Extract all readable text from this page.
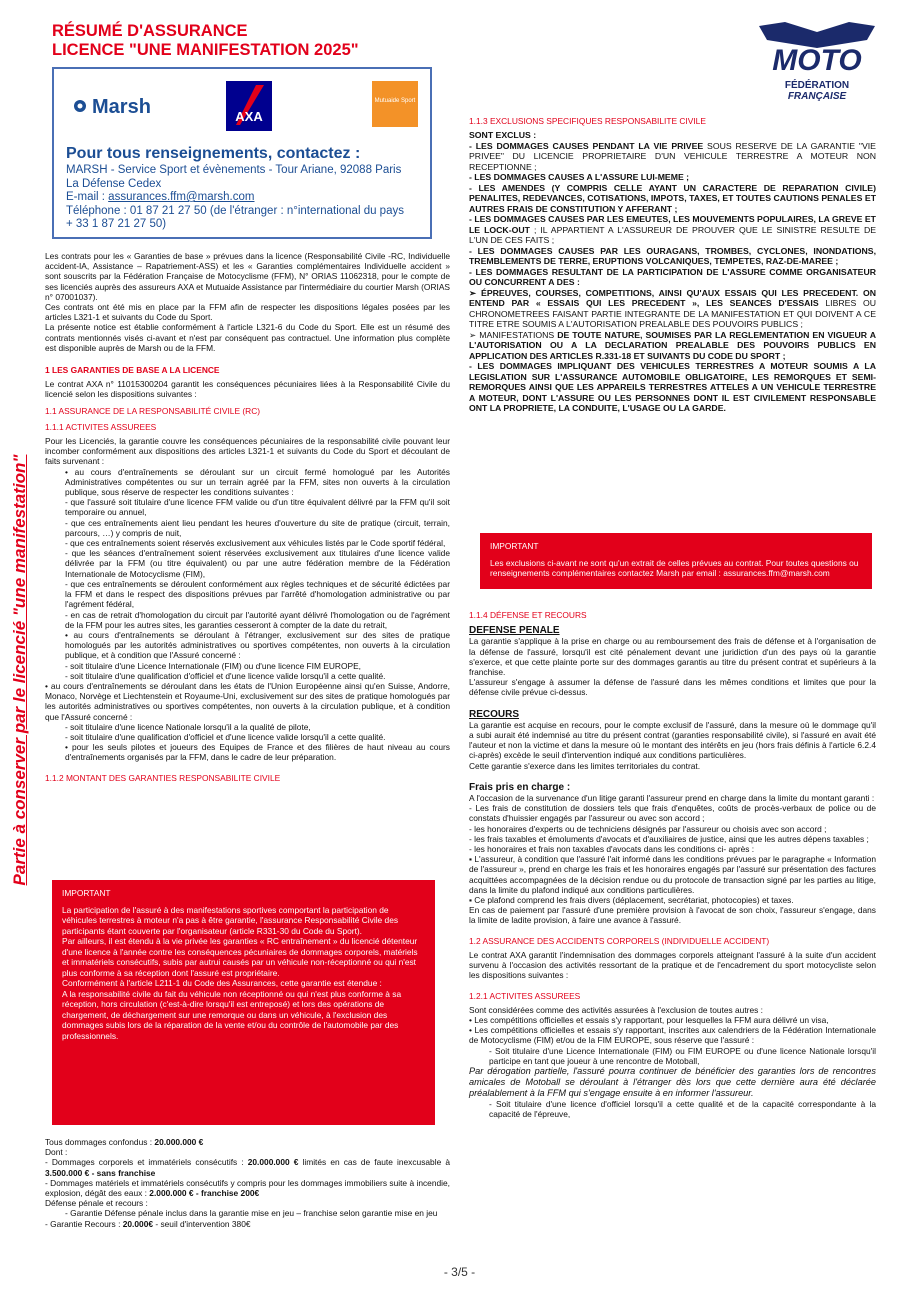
RÉSUMÉ D'ASSURANCE
LICENCE "UNE MANIFESTATION 2025"	MOTO
FÉDÉRATION
FRANÇAISE
Partie à conserver par le licencié "une manifestation"
Marsh	AXA
Mutuaide Sport
Pour tous renseignements, contactez :
MARSH - Service Sport et évènements - Tour Ariane, 92088 Paris
La Défense Cedex
E-mail : assurances.ffm@marsh.com
Téléphone : 01 87 21 27 50 (de l'étranger : n°international du pays
+ 33 1 87 21 27 50)

Les contrats pour les « Garanties de base » prévues dans la licence (Responsabilité Civile -RC, Individuelle accident-IA, Assistance – Rapatriement-ASS) et les « Garanties complémentaires Individuelle accident » sont souscrits par la Fédération Française de Motocyclisme (FFM), N° ORIAS 11062318, pour le compte de ses licenciés auprès des assureurs AXA et Mutuaide Assistance par l'intermédiaire du courtier Marsh (ORIAS n° 07001037).

Ces contrats ont été mis en place par la FFM afin de respecter les dispositions légales posées par les articles L321-1 et suivants du Code du Sport.

La présente notice est établie conformément à l'article L321-6 du Code du Sport. Elle est un résumé des contrats mentionnés visés ci-avant et n'est par conséquent pas contractuel. Une information plus complète est disponible auprès de Marsh ou de la FFM.

1 LES GARANTIES DE BASE A LA LICENCE

Le contrat AXA n° 11015300204 garantit les conséquences pécuniaires liées à la Responsabilité Civile du licencié selon les dispositions suivantes :

1.1 ASSURANCE DE LA RESPONSABILITÉ CIVILE (RC)
1.1.1 ACTIVITES ASSUREES

Pour les Licenciés, la garantie couvre les conséquences pécuniaires de la responsabilité civile pouvant leur incomber conformément aux dispositions des articles L321-1 et suivants du Code du Sport et découlant de faits survenant :

• au cours d'entraînements se déroulant sur un circuit fermé homologué par les Autorités Administratives compétentes ou sur un terrain agréé par la FFM, sites non ouverts à la circulation publique, sous réserve de respecter les conditions suivantes :

- que l'assuré soit titulaire d'une licence FFM valide ou d'un titre équivalent délivré par la FFM qu'il soit temporaire ou annuel,

- que ces entraînements aient lieu pendant les heures d'ouverture du site de pratique (circuit, terrain, parcours, …) y compris de nuit,

- que ces entraînements soient réservés exclusivement aux véhicules listés par le Code sportif fédéral,

- que les séances d'entraînement soient réservées exclusivement aux titulaires d'une licence valide délivrée par la FFM (ou titre équivalent) ou par une autre fédération membre de la Fédération Internationale de Motocyclisme (FIM),

- que ces entraînements se déroulent conformément aux règles techniques et de sécurité édictées par la FFM et dans le respect des dispositions prévues par l'arrêté d'homologation administrative ou par l'agrément fédéral,

- en cas de retrait d'homologation du circuit par l'autorité ayant délivré l'homologation ou de l'agrément de la FFM pour les autres sites, les garanties cesseront à compter de la date du retrait,

• au cours d'entraînements se déroulant à l'étranger, exclusivement sur des sites de pratique homologués par les autorités administratives ou sportives compétentes, non ouverts à la circulation publique, et à condition que l'Assuré concerné :

- soit titulaire d'une Licence Internationale (FIM) ou d'une licence FIM EUROPE,

- soit titulaire d'une qualification d'officiel et d'une licence valide lorsqu'il a cette qualité.

• au cours d'entraînements se déroulant dans les états de l'Union Européenne ainsi qu'en Suisse, Andorre, Monaco, Norvège et Liechtenstein et Royaume-Uni, exclusivement sur des sites de pratique homologués par les autorités administratives ou sportives compétentes, non ouverts à la circulation publique, et à condition que l'Assuré concerné :

- soit titulaire d'une licence Nationale lorsqu'il a la qualité de pilote,

- soit titulaire d'une qualification d'officiel et d'une licence valide lorsqu'il a cette qualité.

• pour les seuls pilotes et joueurs des Equipes de France et des filières de haut niveau au cours d'entraînements organisés par la FFM, dans le cadre de leur préparation.

1.1.2 MONTANT DES GARANTIES RESPONSABILITE CIVILE
IMPORTANT

La participation de l'assuré à des manifestations sportives comportant la participation de véhicules terrestres à moteur n'a pas à être garantie, l'assurance Responsabilité Civile des participants étant couverte par l'organisateur (article R331-30 du Code du Sport).

Par ailleurs, il est étendu à la vie privée les garanties « RC entraînement » du licencié détenteur d'une licence à l'année contre les conséquences pécuniaires de dommages corporels, matériels et immatériels consécutifs, subis par autrui causés par un véhicule non-réceptionné ou qui n'est plus conforme à sa réception dont l'assuré est propriétaire.

Conformément à l'article L211-1 du Code des Assurances, cette garantie est étendue :

A la responsabilité civile du fait du véhicule non réceptionné ou qui n'est plus conforme à sa réception, hors circulation (c'est-à-dire lorsqu'il est entreposé) et lors des opérations de chargement, de déchargement sur une remorque ou dans un véhicule, à l'exclusion des dommages subis lors de la réparation de la vente et/ou du contrôle de l'automobile par des professionnels.

Tous dommages confondus : 20.000.000 €

Dont :

- Dommages corporels et immatériels consécutifs : 20.000.000 € limités en cas de faute inexcusable à 3.500.000 € - sans franchise

- Dommages matériels et immatériels consécutifs y compris pour les dommages immobiliers suite à incendie, explosion, dégât des eaux : 2.000.000 € - franchise 200€

Défense pénale et recours :

- Garantie Défense pénale inclus dans la garantie mise en jeu – franchise selon garantie mise en jeu

- Garantie Recours : 20.000€ - seuil d'intervention 380€

1.1.3 EXCLUSIONS SPECIFIQUES RESPONSABILITE CIVILE

SONT EXCLUS :

- LES DOMMAGES CAUSES PENDANT LA VIE PRIVEE SOUS RESERVE DE LA GARANTIE "VIE PRIVEE" DU LICENCIE PROPRIETAIRE D'UN VEHICULE TERRESTRE A MOTEUR NON RECEPTIONNE ;

- LES DOMMAGES CAUSES A L'ASSURE LUI-MEME ;

- LES AMENDES (Y COMPRIS CELLE AYANT UN CARACTERE DE REPARATION CIVILE) PENALITES, REDEVANCES, COTISATIONS, IMPOTS, TAXES, ET TOUTES CAUTIONS PENALES ET AUTRES FRAIS DE CONSTITUTION Y AFFERANT ;

- LES DOMMAGES CAUSES PAR LES EMEUTES, LES MOUVEMENTS POPULAIRES, LA GREVE ET LE LOCK-OUT ; IL APPARTIENT A L'ASSUREUR DE PROUVER QUE LE SINISTRE RESULTE DE L'UN DE CES FAITS ;

- LES DOMMAGES CAUSES PAR LES OURAGANS, TROMBES, CYCLONES, INONDATIONS, TREMBLEMENTS DE TERRE, ERUPTIONS VOLCANIQUES, TEMPETES, RAZ-DE-MAREE ;

- LES DOMMAGES RESULTANT DE LA PARTICIPATION DE L'ASSURE COMME ORGANISATEUR OU CONCURRENT A DES :

➢ ÉPREUVES, COURSES, COMPETITIONS, AINSI QU'AUX ESSAIS QUI LES PRECEDENT. ON ENTEND PAR « ESSAIS QUI LES PRECEDENT », LES SEANCES D'ESSAIS LIBRES OU CHRONOMETREES FAISANT PARTIE INTEGRANTE DE LA MANIFESTATION ET QUI DOIVENT A CE TITRE ETRE SOUMIS A L'AUTORISATION PREALABLE DES POUVOIRS PUBLICS ;

➢ MANIFESTATIONS DE TOUTE NATURE, SOUMISES PAR LA REGLEMENTATION EN VIGUEUR A L'AUTORISATION OU A LA DECLARATION PREALABLE DES POUVOIRS PUBLICS EN APPLICATION DES ARTICLES R.331-18 ET SUIVANTS DU CODE DU SPORT ;

- LES DOMMAGES IMPLIQUANT DES VEHICULES TERRESTRES A MOTEUR SOUMIS A LA LEGISLATION SUR L'ASSURANCE AUTOMOBILE OBLIGATOIRE, LES REMORQUES ET SEMI- REMORQUES AINSI QUE LES APPAREILS TERRESTRES ATTELES A UN VEHICULE TERRESTRE A MOTEUR, DONT L'ASSURE OU LES PERSONNES DONT IL EST CIVILEMENT RESPONSABLE ONT LA PROPRIETE, LA CONDUITE, L'USAGE OU LA GARDE.

IMPORTANT

Les exclusions ci-avant ne sont qu'un extrait de celles prévues au contrat. Pour toutes questions ou renseignements complémentaires contactez Marsh par email : assurances.ffm@marsh.com

1.1.4 DÉFENSE ET RECOURS

DEFENSE PENALE

La garantie s'applique à la prise en charge ou au remboursement des frais de défense et à l'organisation de la défense de l'assuré, lorsqu'il est cité pénalement devant une juridiction d'un des pays où la garantie s'exerce, et que cette plainte porte sur des dommages garantis au titre du présent contrat et supérieurs à la franchise.

L'assureur s'engage à assumer la défense de l'assuré dans les mêmes conditions et limites que pour la défense civile prévue ci-dessus.

RECOURS

La garantie est acquise en recours, pour le compte exclusif de l'assuré, dans la mesure où le dommage qu'il a subi aurait été indemnisé au titre du présent contrat (garanties responsabilité civile), si l'assuré en avait été l'auteur et non la victime et dans la mesure où le montant des intérêts en jeu (hors frais définis à l'article 6.2.4 ci-après) excède le seuil d'intervention indiqué aux conditions particulières.

Cette garantie s'exerce dans les limites territoriales du contrat.

Frais pris en charge :

A l'occasion de la survenance d'un litige garanti l'assureur prend en charge dans la limite du montant garanti :

- Les frais de constitution de dossiers tels que frais d'enquêtes, coûts de procès-verbaux de police ou de constats d'huissier engagés par l'assureur ou avec son accord ;

- les honoraires d'experts ou de techniciens désignés par l'assureur ou choisis avec son accord ;

- les frais taxables et émoluments d'avocats et d'auxiliaires de justice, ainsi que les autres dépens taxables ;

- les honoraires et frais non taxables d'avocats dans les conditions ci- après :

▪ L'assureur, à condition que l'assuré l'ait informé dans les conditions prévues par le paragraphe « Information de l'assureur », prend en charge les frais et les honoraires engagés par l'assuré sur présentation des factures acquittées accompagnées de la décision rendue ou du protocole de transaction signé par les parties au litige, dans la limite du plafond indiqué aux conditions particulières.

▪ Ce plafond comprend les frais divers (déplacement, secrétariat, photocopies) et taxes.

En cas de paiement par l'assuré d'une première provision à l'avocat de son choix, l'assureur s'engage, dans la limite de ladite provision, à faire une avance à l'assuré.

1.2 ASSURANCE DES ACCIDENTS CORPORELS (INDIVIDUELLE ACCIDENT)

Le contrat AXA garantit l'indemnisation des dommages corporels atteignant l'assuré à la suite d'un accident survenu à l'occasion des activités ressortant de la pratique et de l'encadrement du sport motocycliste selon les dispositions suivantes :

1.2.1 ACTIVITES ASSUREES

Sont considérées comme des activités assurées à l'exclusion de toutes autres :

• Les compétitions officielles et essais s'y rapportant, pour lesquelles la FFM aura délivré un visa,

• Les compétitions officielles et essais s'y rapportant, inscrites aux calendriers de la Fédération Internationale de Motocyclisme (FIM) et/ou de la FIM EUROPE, sous réserve que l'assuré :

- Soit titulaire d'une Licence Internationale (FIM) ou FIM EUROPE ou d'une licence Nationale lorsqu'il participe en tant que joueur à une rencontre de Motoball,

Par dérogation partielle, l'assuré pourra continuer de bénéficier des garanties lors de rencontres amicales de Motoball se déroulant à l'étranger dès lors que cette dernière aura été déclarée préalablement à la FFM qui s'engage ensuite à en informer l'assureur.

- Soit titulaire d'une licence d'officiel lorsqu'il a cette qualité et de la capacité correspondante à la capacité de l'épreuve,

- 3/5 -
